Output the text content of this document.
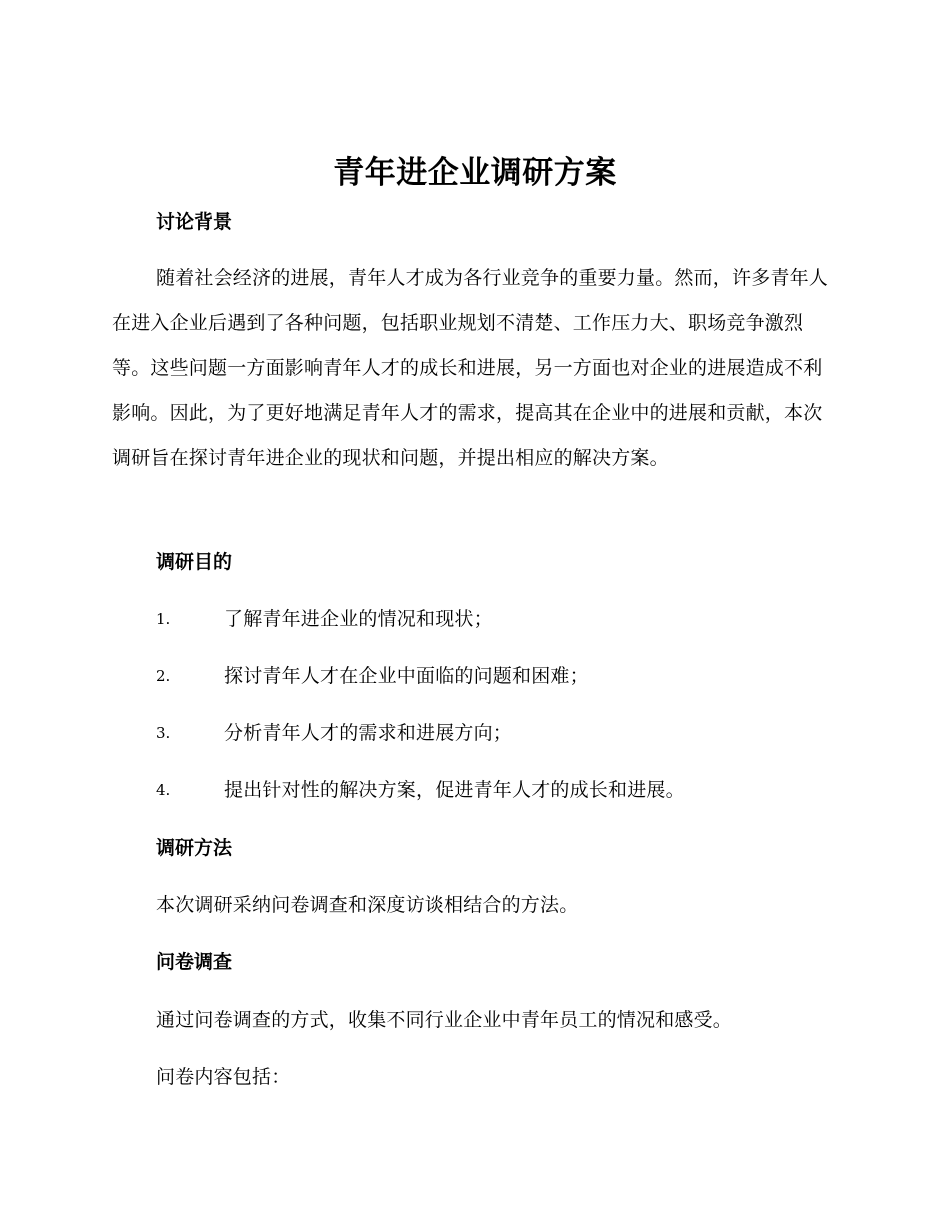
青年进企业调研方案
讨论背景
随着社会经济的进展，青年人才成为各行业竞争的重要力量。然而，许多青年人在进入企业后遇到了各种问题，包括职业规划不清楚、工作压力大、职场竞争激烈等。这些问题一方面影响青年人才的成长和进展，另一方面也对企业的进展造成不利影响。因此，为了更好地满足青年人才的需求，提高其在企业中的进展和贡献，本次调研旨在探讨青年进企业的现状和问题，并提出相应的解决方案。
调研目的
1.	了解青年进企业的情况和现状；
2.	探讨青年人才在企业中面临的问题和困难；
3.	分析青年人才的需求和进展方向；
4.	提出针对性的解决方案，促进青年人才的成长和进展。
调研方法
本次调研采纳问卷调查和深度访谈相结合的方法。
问卷调查
通过问卷调查的方式，收集不同行业企业中青年员工的情况和感受。
问卷内容包括：
